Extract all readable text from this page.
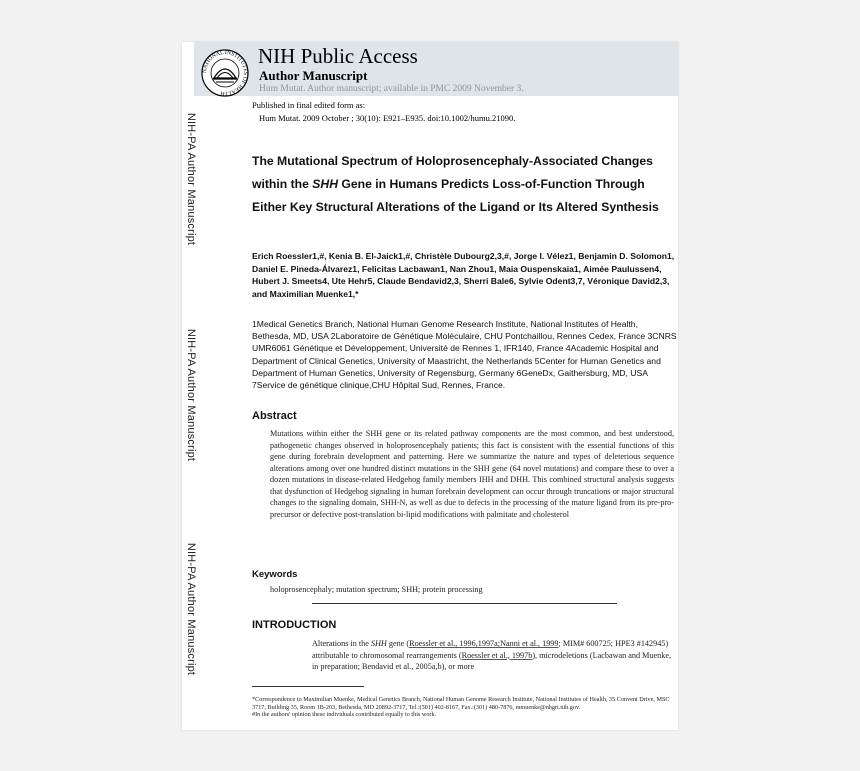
NIH-PA Author Manuscript
NIH-PA Author Manuscript
NIH-PA Author Manuscript
NATIONAL INSTITUTES OF HEALTH
NIH Public Access
Author Manuscript
Hum Mutat. Author manuscript; available in PMC 2009 November 3.
Published in final edited form as:
Hum Mutat. 2009 October ; 30(10): E921–E935. doi:10.1002/humu.21090.
The Mutational Spectrum of Holoprosencephaly-Associated Changes within the SHH Gene in Humans Predicts Loss-of-Function Through Either Key Structural Alterations of the Ligand or Its Altered Synthesis
Erich Roessler1,#, Kenia B. El-Jaick1,#, Christèle Dubourg2,3,#, Jorge I. Vélez1, Benjamin D. Solomon1, Daniel E. Pineda-Álvarez1, Felicitas Lacbawan1, Nan Zhou1, Maia Ouspenskaia1, Aimée Paulussen4, Hubert J. Smeets4, Ute Hehr5, Claude Bendavid2,3, Sherri Bale6, Sylvie Odent3,7, Véronique David2,3, and Maximilian Muenke1,*
1Medical Genetics Branch, National Human Genome Research Institute, National Institutes of Health, Bethesda, MD, USA 2Laboratoire de Génétique Moléculaire, CHU Pontchaillou, Rennes Cedex, France 3CNRS UMR6061 Génétique et Développement, Université de Rennes 1, IFR140, France 4Academic Hospital and Department of Clinical Genetics, University of Maastricht, the Netherlands 5Center for Human Genetics and Department of Human Genetics, University of Regensburg, Germany 6GeneDx, Gaithersburg, MD, USA 7Service de génétique clinique,CHU Hôpital Sud, Rennes, France.
Abstract
Mutations within either the SHH gene or its related pathway components are the most common, and best understood, pathogenetic changes observed in holoprosencephaly patients; this fact is consistent with the essential functions of this gene during forebrain development and patterning. Here we summarize the nature and types of deleterious sequence alterations among over one hundred distinct mutations in the SHH gene (64 novel mutations) and compare these to over a dozen mutations in disease-related Hedgehog family members IHH and DHH. This combined structural analysis suggests that dysfunction of Hedgehog signaling in human forebrain development can occur through truncations or major structural changes to the signaling domain, SHH-N, as well as due to defects in the processing of the mature ligand from its pre-pro-precursor or defective post-translation bi-lipid modifications with palmitate and cholesterol
Keywords
holoprosencephaly; mutation spectrum; SHH; protein processing
INTRODUCTION
Alterations in the SHH gene (Roessler et al., 1996,1997a;Nanni et al., 1999; MIM# 600725; HPE3 #142945) attributable to chromosomal rearrangements (Roessler et al., 1997b), microdeletions (Lacbawan and Muenke, in preparation; Bendavid et al., 2005a,b), or more
*Correspondence to Maximilian Muenke, Medical Genetics Branch, National Human Genome Research Institute, National Institutes of Health, 35 Convent Drive, MSC 3717, Building 35, Room 1B-203, Bethesda, MD 20892-3717, Tel.:(301) 402-8167, Fax.:(301) 480-7876, mmuenke@nhgri.nih.gov.
#In the authors' opinion these individuals contributed equally to this work.
